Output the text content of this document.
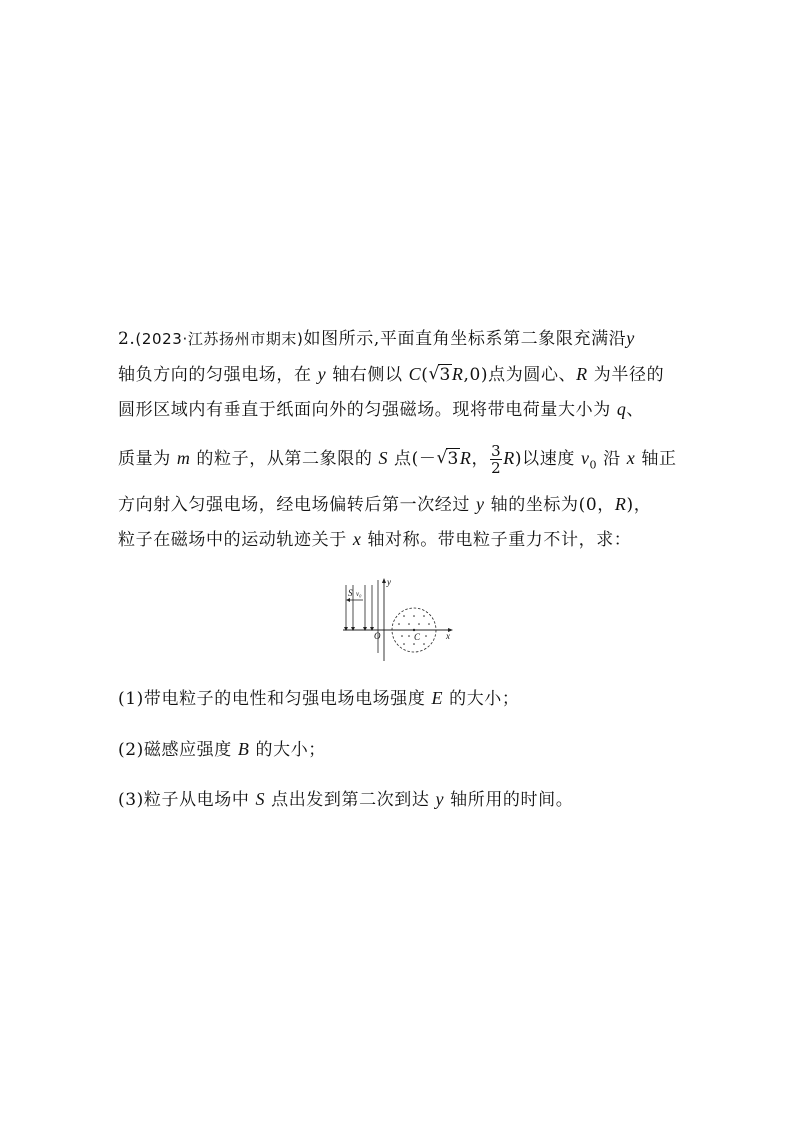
2.(2023·江苏扬州市期末)如图所示,平面直角坐标系第二象限充满沿y
轴负方向的匀强电场，在 y 轴右侧以 C( √ 3R,0)点为圆心、R 为半径的
圆形区域内有垂直于纸面向外的匀强磁场。现将带电荷量大小为 q、
质量为 m 的粒子，从第二象限的 S 点(－ √ 3R， $\frac{3}{2} R$)以速度 $v_0$ 沿 x 轴正
方向射入匀强电场，经电场偏转后第一次经过 y 轴的坐标为(0，R)，
粒子在磁场中的运动轨迹关于 x 轴对称。带电粒子重力不计，求：
S v₀
y
x
O	C
(1)带电粒子的电性和匀强电场电场强度 E 的大小；
(2)磁感应强度 B 的大小；
(3)粒子从电场中 S 点出发到第二次到达 y 轴所用的时间。
